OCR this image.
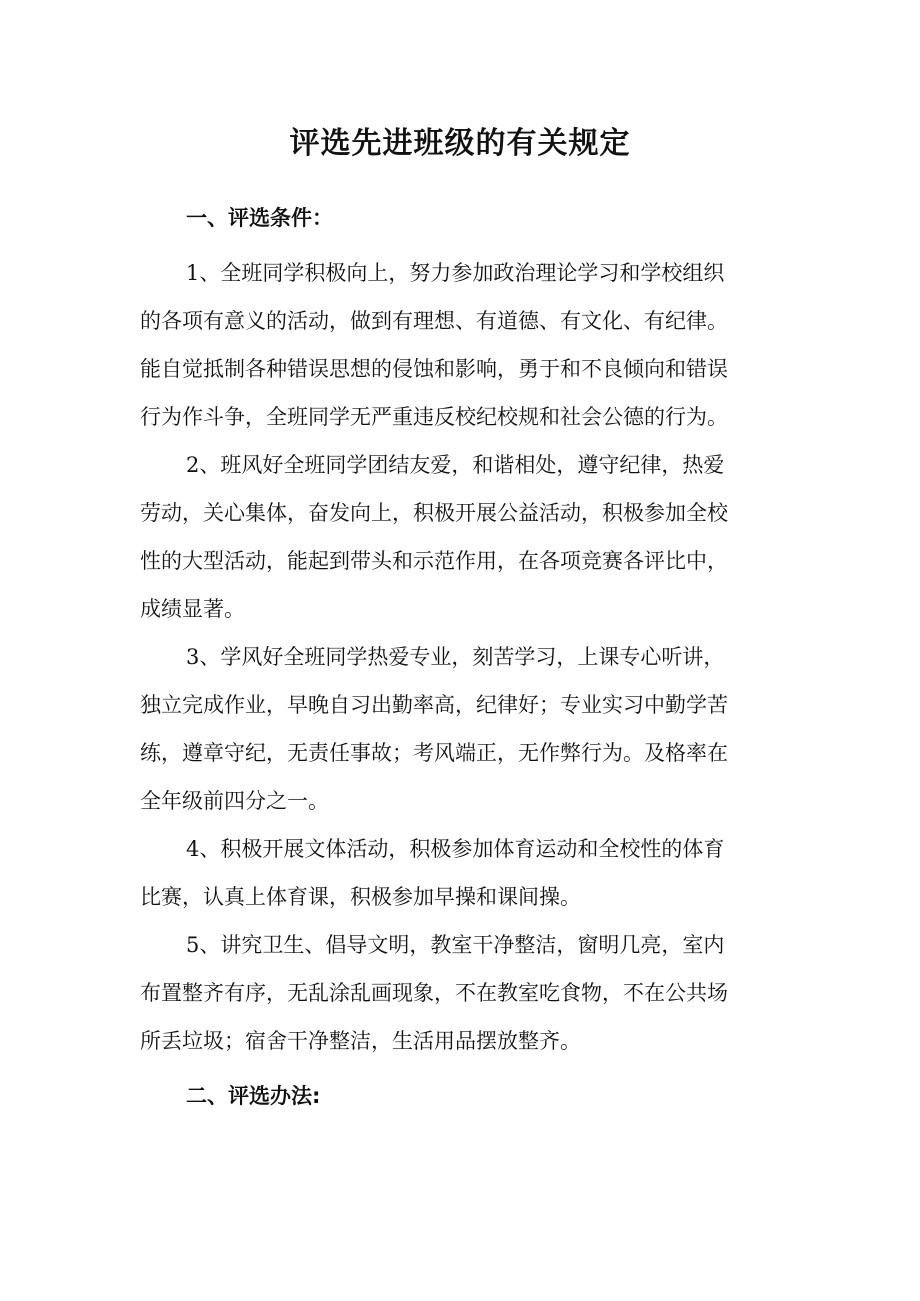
评选先进班级的有关规定
一、评选条件：

1、全班同学积极向上，努力参加政治理论学习和学校组织
的各项有意义的活动，做到有理想、有道德、有文化、有纪律。
能自觉抵制各种错误思想的侵蚀和影响，勇于和不良倾向和错误
行为作斗争，全班同学无严重违反校纪校规和社会公德的行为。

2、班风好全班同学团结友爱，和谐相处，遵守纪律，热爱
劳动，关心集体，奋发向上，积极开展公益活动，积极参加全校
性的大型活动，能起到带头和示范作用，在各项竞赛各评比中，
成绩显著。

3、学风好全班同学热爱专业，刻苦学习，上课专心听讲，
独立完成作业，早晚自习出勤率高，纪律好；专业实习中勤学苦
练，遵章守纪，无责任事故；考风端正，无作弊行为。及格率在
全年级前四分之一。

4、积极开展文体活动，积极参加体育运动和全校性的体育
比赛，认真上体育课，积极参加早操和课间操。

5、讲究卫生、倡导文明，教室干净整洁，窗明几亮，室内
布置整齐有序，无乱涂乱画现象，不在教室吃食物，不在公共场
所丢垃圾；宿舍干净整洁，生活用品摆放整齐。

二、评选办法:
